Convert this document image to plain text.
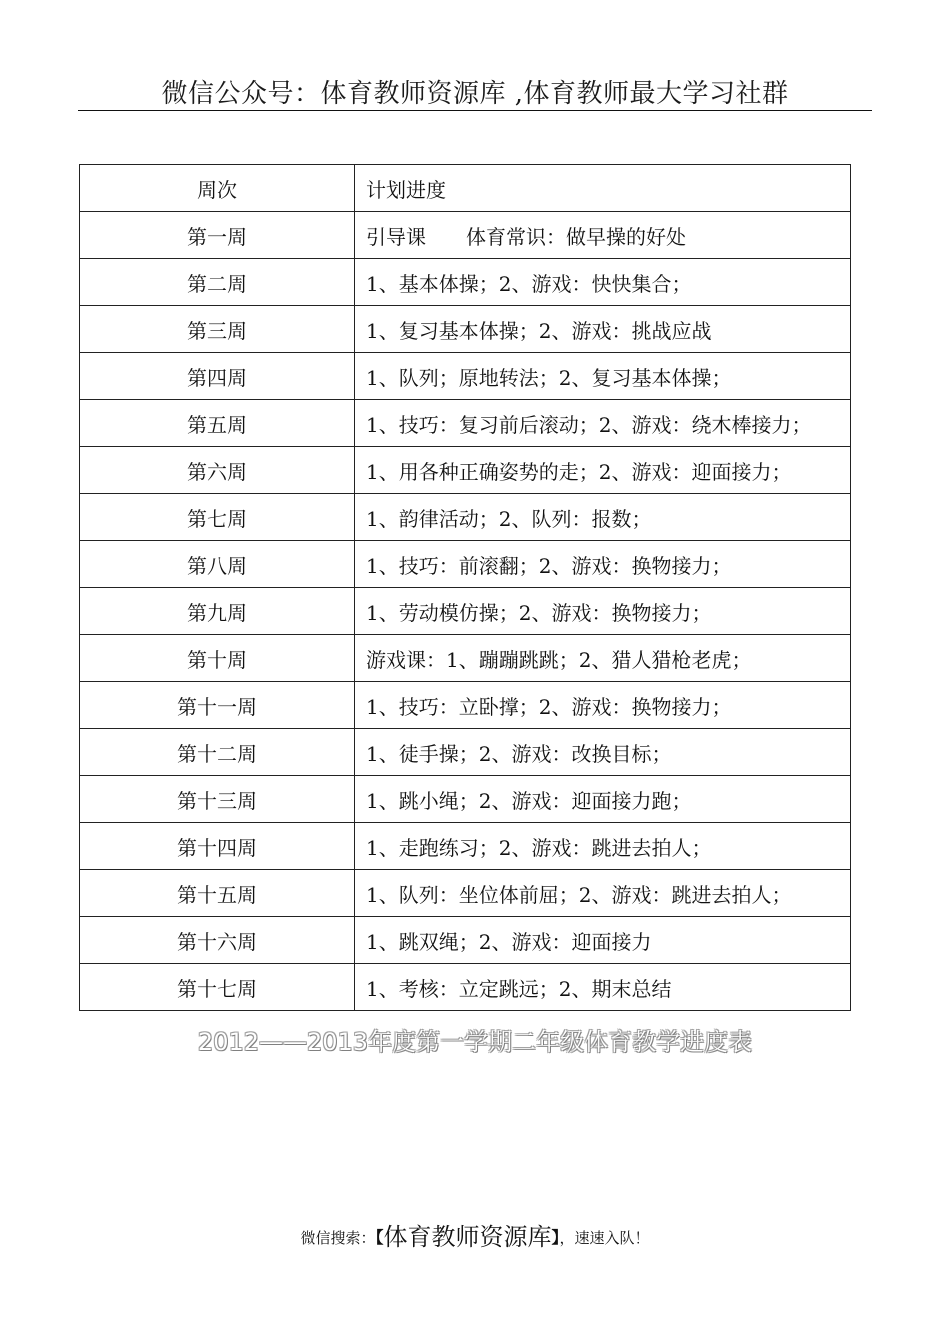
微信公众号：体育教师资源库 ,体育教师最大学习社群
周次	计划进度
第一周	引导课　　体育常识：做早操的好处
第二周	1、基本体操；2、游戏：快快集合；
第三周	1、复习基本体操；2、游戏：挑战应战
第四周	1、队列；原地转法；2、复习基本体操；
第五周	1、技巧：复习前后滚动；2、游戏：绕木棒接力；
第六周	1、用各种正确姿势的走；2、游戏：迎面接力；
第七周	1、韵律活动；2、队列：报数；
第八周	1、技巧：前滚翻；2、游戏：换物接力；
第九周	1、劳动模仿操；2、游戏：换物接力；
第十周	游戏课：1、蹦蹦跳跳；2、猎人猎枪老虎；
第十一周	1、技巧：立卧撑；2、游戏：换物接力；
第十二周	1、徒手操；2、游戏：改换目标；
第十三周	1、跳小绳；2、游戏：迎面接力跑；
第十四周	1、走跑练习；2、游戏：跳进去拍人；
第十五周	1、队列：坐位体前屈；2、游戏：跳进去拍人；
第十六周	1、跳双绳；2、游戏：迎面接力
第十七周	1、考核：立定跳远；2、期末总结
2012——2013年度第一学期二年级体育教学进度表
微信搜索：【体育教师资源库】，速速入队！
